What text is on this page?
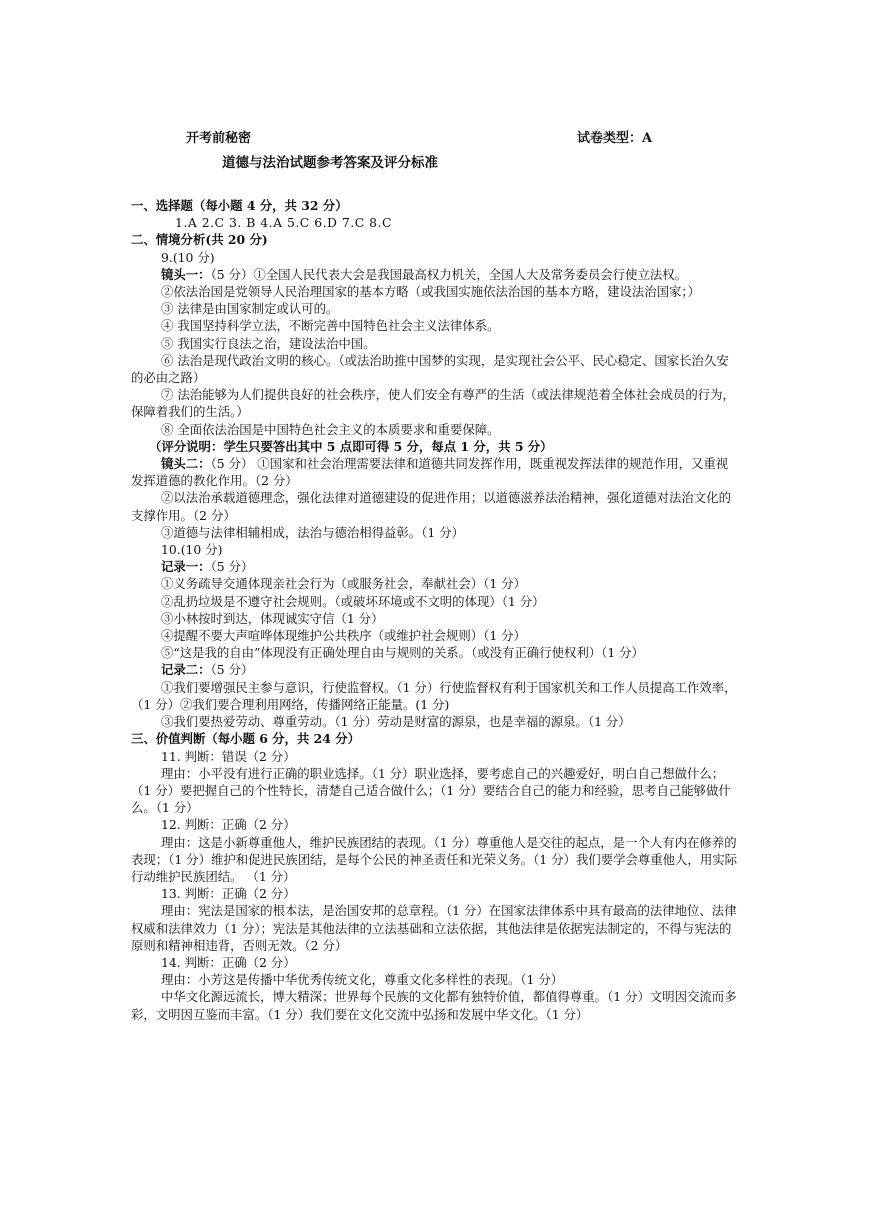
开考前秘密	试卷类型：A
道德与法治试题参考答案及评分标准

一、选择题（每小题 4 分，共 32 分）

1.A 2.C 3. B 4.A 5.C 6.D 7.C 8.C

二、情境分析(共 20 分)

9.(10 分)

镜头一：（5 分）①全国人民代表大会是我国最高权力机关，全国人大及常务委员会行使立法权。

②依法治国是党领导人民治理国家的基本方略（或我国实施依法治国的基本方略，建设法治国家；）

③ 法律是由国家制定或认可的。

④ 我国坚持科学立法，不断完善中国特色社会主义法律体系。

⑤ 我国实行良法之治，建设法治中国。

⑥ 法治是现代政治文明的核心。（或法治助推中国梦的实现，是实现社会公平、民心稳定、国家长治久安的必由之路）

⑦ 法治能够为人们提供良好的社会秩序，使人们安全有尊严的生活（或法律规范着全体社会成员的行为，保障着我们的生活。）

⑧ 全面依法治国是中国特色社会主义的本质要求和重要保障。

（评分说明：学生只要答出其中 5 点即可得 5 分，每点 1 分，共 5 分）

镜头二：（5 分） ①国家和社会治理需要法律和道德共同发挥作用，既重视发挥法律的规范作用，又重视发挥道德的教化作用。（2 分）

②以法治承载道德理念，强化法律对道德建设的促进作用；以道德滋养法治精神，强化道德对法治文化的支撑作用。（2 分）

③道德与法律相辅相成，法治与德治相得益彰。（1 分）

10.(10 分)

记录一：（5 分）

①义务疏导交通体现亲社会行为（或服务社会，奉献社会）（1 分）

②乱扔垃圾是不遵守社会规则。（或破坏环境或不文明的体现）（1 分）

③小林按时到达，体现诚实守信（1 分）

④提醒不要大声喧哗体现维护公共秩序（或维护社会规则）（1 分）

⑤“这是我的自由”体现没有正确处理自由与规则的关系。（或没有正确行使权利）（1 分）

记录二：（5 分）

①我们要增强民主参与意识，行使监督权。（1 分）行使监督权有利于国家机关和工作人员提高工作效率，（1 分）②我们要合理利用网络，传播网络正能量。(1 分)

③我们要热爱劳动、尊重劳动。（1 分）劳动是财富的源泉，也是幸福的源泉。（1 分）

三、价值判断（每小题 6 分，共 24 分）

11. 判断：错误（2 分）

理由：小平没有进行正确的职业选择。（1 分）职业选择，要考虑自己的兴趣爱好，明白自己想做什么；（1 分）要把握自己的个性特长，清楚自己适合做什么；（1 分）要结合自己的能力和经验，思考自己能够做什么。（1 分）

12. 判断：正确（2 分）

理由：这是小新尊重他人，维护民族团结的表现。（1 分）尊重他人是交往的起点，是一个人有内在修养的表现；（1 分）维护和促进民族团结，是每个公民的神圣责任和光荣义务。（1 分）我们要学会尊重他人，用实际行动维护民族团结。 （1 分）

13. 判断：正确（2 分）

理由：宪法是国家的根本法，是治国安邦的总章程。（1 分）在国家法律体系中具有最高的法律地位、法律权威和法律效力（1 分）；宪法是其他法律的立法基础和立法依据，其他法律是依据宪法制定的，不得与宪法的原则和精神相违背，否则无效。（2 分）

14. 判断：正确（2 分）

理由：小芳这是传播中华优秀传统文化，尊重文化多样性的表现。（1 分）

中华文化源远流长，博大精深；世界每个民族的文化都有独特价值，都值得尊重。（1 分）文明因交流而多彩，文明因互鉴而丰富。（1 分）我们要在文化交流中弘扬和发展中华文化。（1 分）
